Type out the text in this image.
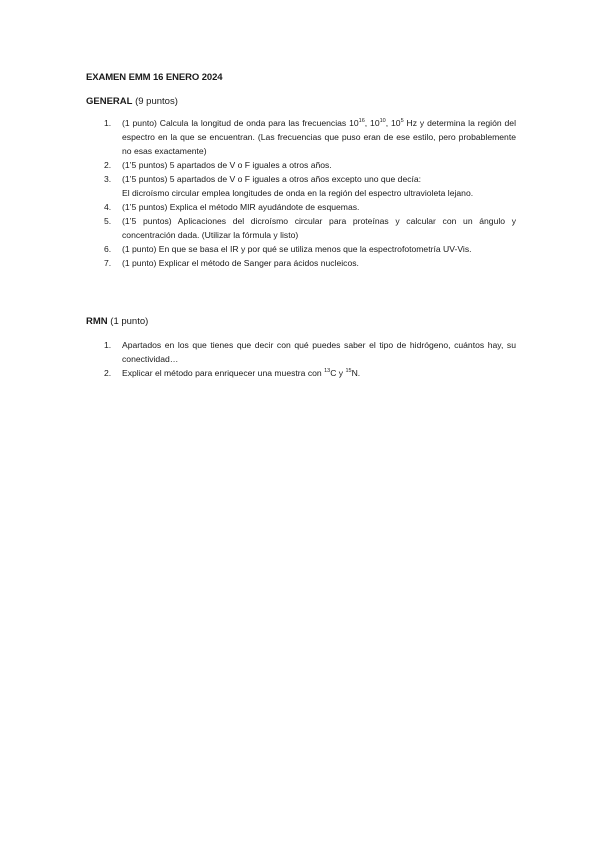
EXAMEN EMM 16 ENERO 2024
GENERAL (9 puntos)
1. (1 punto) Calcula la longitud de onda para las frecuencias $10^{16}$, $10^{10}$, $10^5$ Hz y determina la región del espectro en la que se encuentran. (Las frecuencias que puso eran de ese estilo, pero probablemente no esas exactamente)
2. (1’5 puntos) 5 apartados de V o F iguales a otros años.
3. (1’5 puntos) 5 apartados de V o F iguales a otros años excepto uno que decía:
El dicroísmo circular emplea longitudes de onda en la región del espectro ultravioleta lejano.
4. (1’5 puntos) Explica el método MIR ayudándote de esquemas.
5. (1’5 puntos) Aplicaciones del dicroísmo circular para proteínas y calcular con un ángulo y concentración dada. (Utilizar la fórmula y listo)
6. (1 punto) En que se basa el IR y por qué se utiliza menos que la espectrofotometría UV-Vis.
7. (1 punto) Explicar el método de Sanger para ácidos nucleicos.
RMN (1 punto)
1. Apartados en los que tienes que decir con qué puedes saber el tipo de hidrógeno, cuántos hay, su conectividad…
2. Explicar el método para enriquecer una muestra con $^{13}$C y $^{15}$N.
